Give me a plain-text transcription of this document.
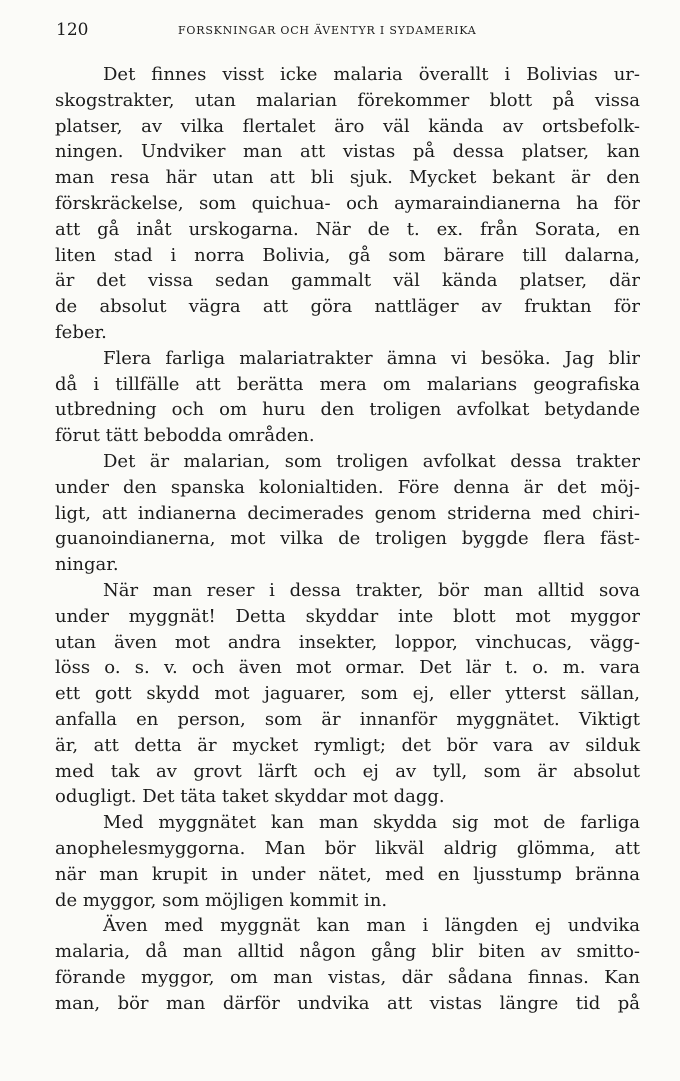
120	FORSKNINGAR OCH ÄVENTYR I SYDAMERIKA
Det finnes visst icke malaria överallt i Bolivias ur-
skogstrakter, utan malarian förekommer blott på vissa
platser, av vilka flertalet äro väl kända av ortsbefolk-
ningen. Undviker man att vistas på dessa platser, kan
man resa här utan att bli sjuk. Mycket bekant är den
förskräckelse, som quichua- och aymaraindianerna ha för
att gå inåt urskogarna. När de t. ex. från Sorata, en
liten stad i norra Bolivia, gå som bärare till dalarna,
är det vissa sedan gammalt väl kända platser, där
de absolut vägra att göra nattläger av fruktan för
feber.
Flera farliga malariatrakter ämna vi besöka. Jag blir
då i tillfälle att berätta mera om malarians geografiska
utbredning och om huru den troligen avfolkat betydande
förut tätt bebodda områden.
Det är malarian, som troligen avfolkat dessa trakter
under den spanska kolonialtiden. Före denna är det möj-
ligt, att indianerna decimerades genom striderna med chiri-
guanoindianerna, mot vilka de troligen byggde flera fäst-
ningar.
När man reser i dessa trakter, bör man alltid sova
under myggnät! Detta skyddar inte blott mot myggor
utan även mot andra insekter, loppor, vinchucas, vägg-
löss o. s. v. och även mot ormar. Det lär t. o. m. vara
ett gott skydd mot jaguarer, som ej, eller ytterst sällan,
anfalla en person, som är innanför myggnätet. Viktigt
är, att detta är mycket rymligt; det bör vara av silduk
med tak av grovt lärft och ej av tyll, som är absolut
odugligt. Det täta taket skyddar mot dagg.
Med myggnätet kan man skydda sig mot de farliga
anophelesmyggorna. Man bör likväl aldrig glömma, att
när man krupit in under nätet, med en ljusstump bränna
de myggor, som möjligen kommit in.
Även med myggnät kan man i längden ej undvika
malaria, då man alltid någon gång blir biten av smitto-
förande myggor, om man vistas, där sådana finnas. Kan
man, bör man därför undvika att vistas längre tid på
